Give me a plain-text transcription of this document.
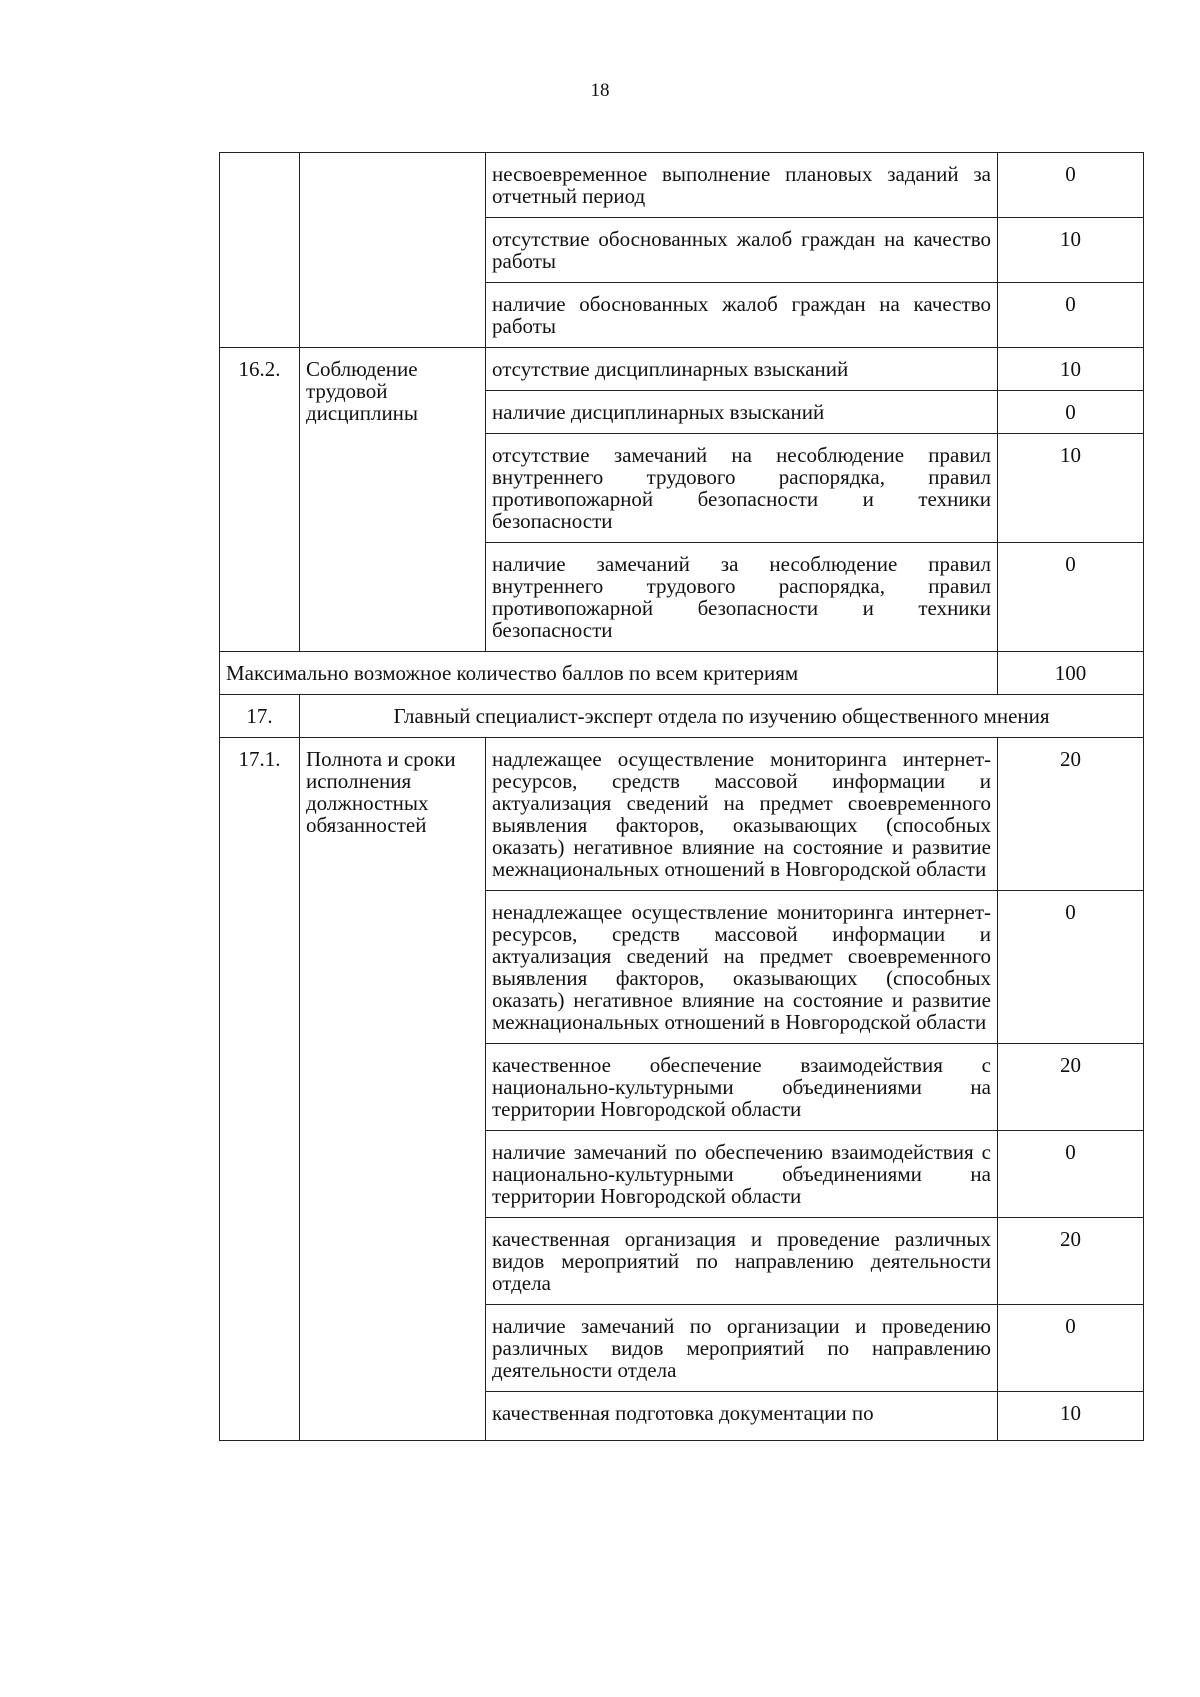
18
		несвоевременное выполнение плановых заданий за отчетный период	0
		отсутствие обоснованных жалоб граждан на качество работы	10
		наличие обоснованных жалоб граждан на качество работы	0
16.2.	Соблюдение трудовой дисциплины	отсутствие дисциплинарных взысканий	10
		наличие дисциплинарных взысканий	0
		отсутствие замечаний на несоблюдение правил внутреннего трудового распорядка, правил противопожарной безопасности и техники безопасности	10
		наличие замечаний за несоблюдение правил внутреннего трудового распорядка, правил противопожарной безопасности и техники безопасности	0
Максимально возможное количество баллов по всем критериям			100
17.	Главный специалист-эксперт отдела по изучению общественного мнения		
17.1.	Полнота и сроки исполнения должностных обязанностей	надлежащее осуществление мониторинга интернет-ресурсов, средств массовой информации и актуализация сведений на предмет своевременного выявления факторов, оказывающих (способных оказать) негативное влияние на состояние и развитие межнациональных отношений в Новгородской области	20
		ненадлежащее осуществление мониторинга интернет-ресурсов, средств массовой информации и актуализация сведений на предмет своевременного выявления факторов, оказывающих (способных оказать) негативное влияние на состояние и развитие межнациональных отношений в Новгородской области	0
		качественное обеспечение взаимодействия с национально-культурными объединениями на территории Новгородской области	20
		наличие замечаний по обеспечению взаимодействия с национально-культурными объединениями на территории Новгородской области	0
		качественная организация и проведение различных видов мероприятий по направлению деятельности отдела	20
		наличие замечаний по организации и проведению различных видов мероприятий по направлению деятельности отдела	0
		качественная подготовка документации по	10
